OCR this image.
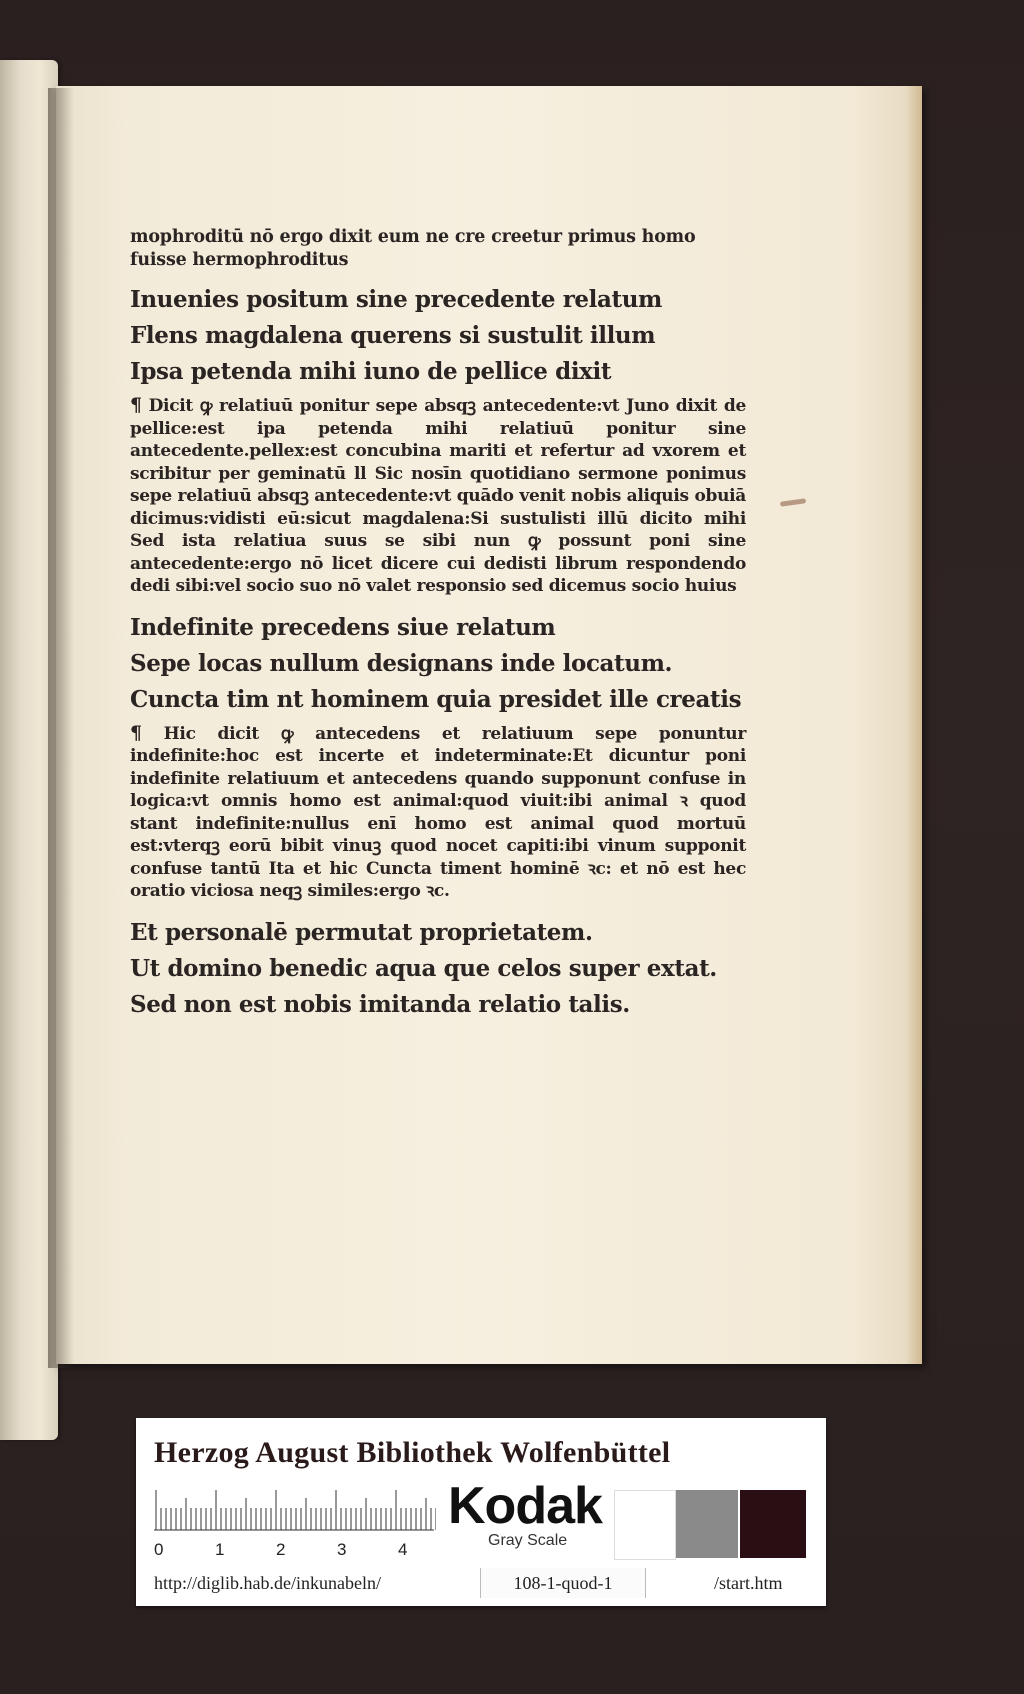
mophroditū nō ergo dixit eum ne cre creetur primus homo
fuisse hermophroditus
Inuenies positum sine precedente relatum
Flens magdalena querens si sustulit illum
Ipsa petenda mihi iuno de pellice dixit
¶ Dicit ꝙ relatiuū ponitur sepe absqꝫ antecedente:vt Juno dixit de pellice:est ipa petenda mihi relatiuū ponitur sine antecedente.pellex:est concubina mariti et refertur ad vxorem et scribitur per geminatū ll Sic nosīn quotidiano sermone ponimus sepe relatiuū absqꝫ antecedente:vt quādo venit nobis aliquis obuiā dicimus:vidisti eū:sicut magdalena:Si sustulisti illū dicito mihi Sed ista relatiua suus se sibi nun ꝙ possunt poni sine antecedente:ergo nō licet dicere cui dedisti librum respondendo dedi sibi:vel socio suo nō valet responsio sed dicemus socio huius
Indefinite precedens siue relatum
Sepe locas nullum designans inde locatum.
Cuncta tim nt hominem quia presidet ille creatis
¶ Hic dicit ꝙ antecedens et relatiuum sepe ponuntur indefinite:hoc est incerte et indeterminate:Et dicuntur poni indefinite relatiuum et antecedens quando supponunt confuse in logica:vt omnis homo est animal:quod viuit:ibi animal ꝛ quod stant indefinite:nullus enī homo est animal quod mortuū est:vterqꝫ eorū bibit vinuꝫ quod nocet capiti:ibi vinum supponit confuse tantū Ita et hic Cuncta timent hominē ꝛc: et nō est hec oratio viciosa neqꝫ similes:ergo ꝛc.
Et personalē permutat proprietatem.
Ut domino benedic aqua que celos super extat.
Sed non est nobis imitanda relatio talis.
Herzog August Bibliothek Wolfenbüttel
0	1	2	3	4
Kodak
Gray Scale
http://diglib.hab.de/inkunabeln/	108-1-quod-1	/start.htm
